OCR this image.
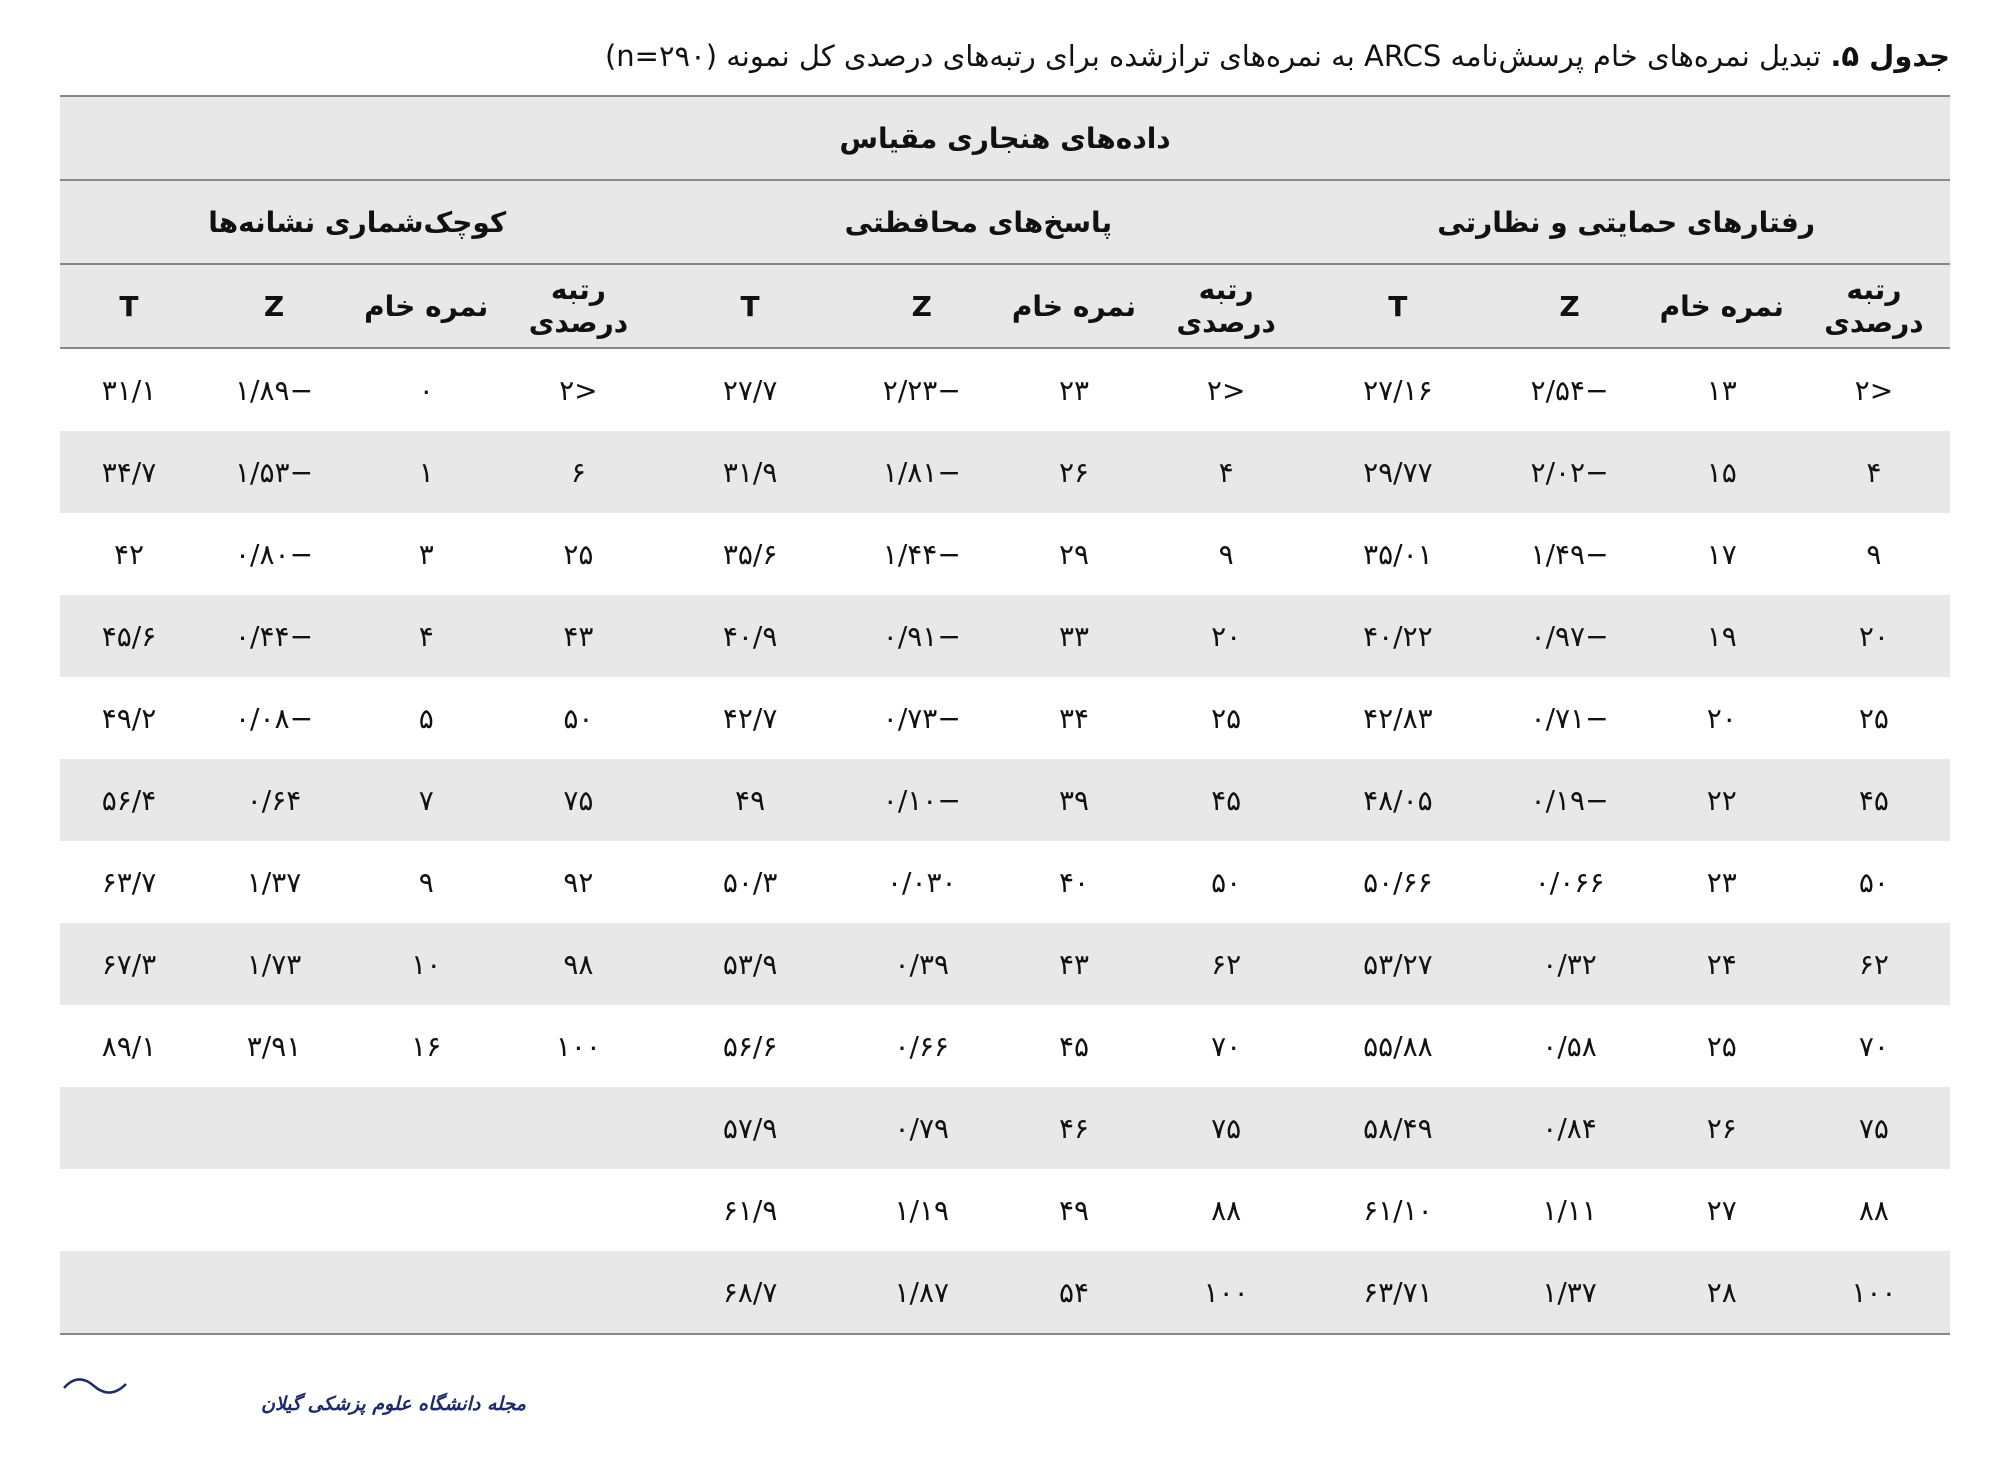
جدول ۵. تبدیل نمره‌های خام پرسش‌نامه ARCS به نمره‌های ترازشده برای رتبه‌های درصدی کل نمونه (n=۲۹۰)
داده‌های هنجاری مقیاس											
رفتارهای حمایتی و نظارتی				پاسخ‌های محافظتی				کوچک‌شماری نشانه‌ها			
رتبه درصدی	نمره خام	Z	T	رتبه درصدی	نمره خام	Z	T	رتبه درصدی	نمره خام	Z	T
<۲	۱۳	−۲/۵۴	۲۷/۱۶	<۲	۲۳	−۲/۲۳	۲۷/۷	<۲	۰	−۱/۸۹	۳۱/۱
۴	۱۵	−۲/۰۲	۲۹/۷۷	۴	۲۶	−۱/۸۱	۳۱/۹	۶	۱	−۱/۵۳	۳۴/۷
۹	۱۷	−۱/۴۹	۳۵/۰۱	۹	۲۹	−۱/۴۴	۳۵/۶	۲۵	۳	−۰/۸۰	۴۲
۲۰	۱۹	−۰/۹۷	۴۰/۲۲	۲۰	۳۳	−۰/۹۱	۴۰/۹	۴۳	۴	−۰/۴۴	۴۵/۶
۲۵	۲۰	−۰/۷۱	۴۲/۸۳	۲۵	۳۴	−۰/۷۳	۴۲/۷	۵۰	۵	−۰/۰۸	۴۹/۲
۴۵	۲۲	−۰/۱۹	۴۸/۰۵	۴۵	۳۹	−۰/۱۰	۴۹	۷۵	۷	۰/۶۴	۵۶/۴
۵۰	۲۳	۰/۰۶۶	۵۰/۶۶	۵۰	۴۰	۰/۰۳۰	۵۰/۳	۹۲	۹	۱/۳۷	۶۳/۷
۶۲	۲۴	۰/۳۲	۵۳/۲۷	۶۲	۴۳	۰/۳۹	۵۳/۹	۹۸	۱۰	۱/۷۳	۶۷/۳
۷۰	۲۵	۰/۵۸	۵۵/۸۸	۷۰	۴۵	۰/۶۶	۵۶/۶	۱۰۰	۱۶	۳/۹۱	۸۹/۱
۷۵	۲۶	۰/۸۴	۵۸/۴۹	۷۵	۴۶	۰/۷۹	۵۷/۹				
۸۸	۲۷	۱/۱۱	۶۱/۱۰	۸۸	۴۹	۱/۱۹	۶۱/۹				
۱۰۰	۲۸	۱/۳۷	۶۳/۷۱	۱۰۰	۵۴	۱/۸۷	۶۸/۷				
مجله دانشگاه علوم پزشکی گیلان
